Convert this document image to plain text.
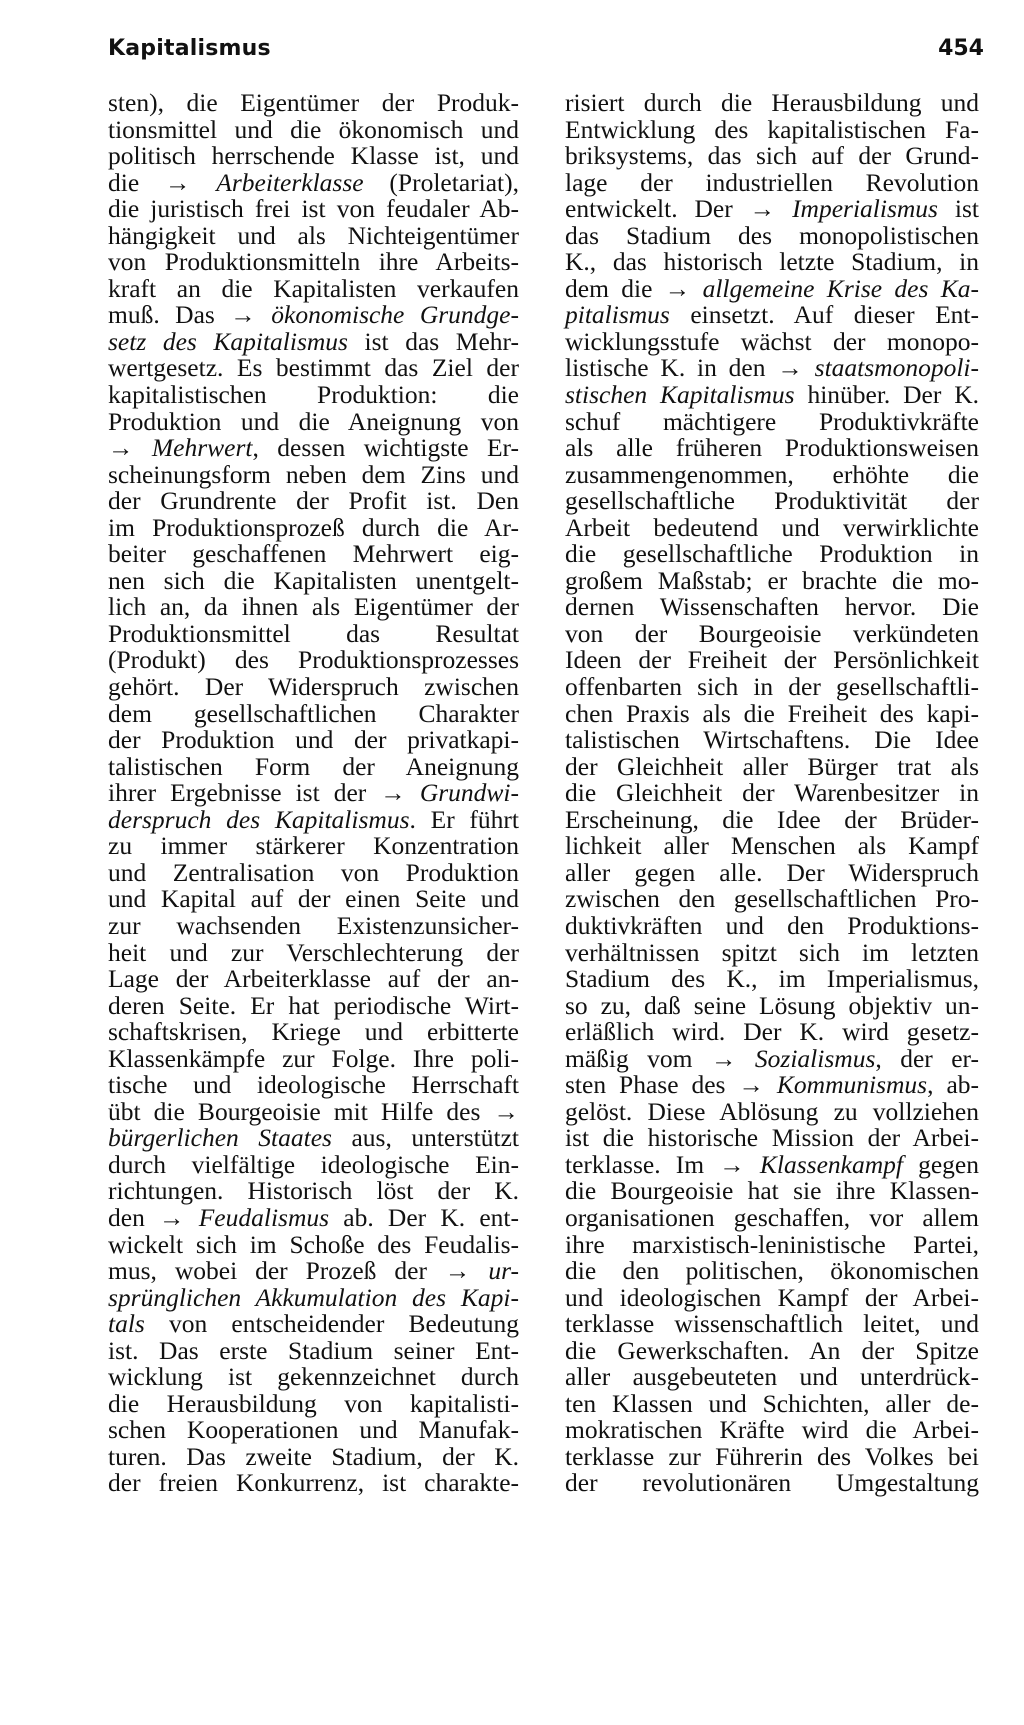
Kapitalismus	454
sten), die Eigentümer der Produk-
tionsmittel und die ökonomisch und
politisch herrschende Klasse ist, und
die → Arbeiterklasse (Proletariat),
die juristisch frei ist von feudaler Ab-
hängigkeit und als Nichteigentümer
von Produktionsmitteln ihre Arbeits-
kraft an die Kapitalisten verkaufen
muß. Das → ökonomische Grundge-
setz des Kapitalismus ist das Mehr-
wertgesetz. Es bestimmt das Ziel der
kapitalistischen Produktion: die
Produktion und die Aneignung von
→ Mehrwert, dessen wichtigste Er-
scheinungsform neben dem Zins und
der Grundrente der Profit ist. Den
im Produktionsprozeß durch die Ar-
beiter geschaffenen Mehrwert eig-
nen sich die Kapitalisten unentgelt-
lich an, da ihnen als Eigentümer der
Produktionsmittel das Resultat
(Produkt) des Produktionsprozesses
gehört. Der Widerspruch zwischen
dem gesellschaftlichen Charakter
der Produktion und der privatkapi-
talistischen Form der Aneignung
ihrer Ergebnisse ist der → Grundwi-
derspruch des Kapitalismus. Er führt
zu immer stärkerer Konzentration
und Zentralisation von Produktion
und Kapital auf der einen Seite und
zur wachsenden Existenzunsicher-
heit und zur Verschlechterung der
Lage der Arbeiterklasse auf der an-
deren Seite. Er hat periodische Wirt-
schaftskrisen, Kriege und erbitterte
Klassenkämpfe zur Folge. Ihre poli-
tische und ideologische Herrschaft
übt die Bourgeoisie mit Hilfe des →
bürgerlichen Staates aus, unterstützt
durch vielfältige ideologische Ein-
richtungen. Historisch löst der K.
den → Feudalismus ab. Der K. ent-
wickelt sich im Schoße des Feudalis-
mus, wobei der Prozeß der → ur-
sprünglichen Akkumulation des Kapi-
tals von entscheidender Bedeutung
ist. Das erste Stadium seiner Ent-
wicklung ist gekennzeichnet durch
die Herausbildung von kapitalisti-
schen Kooperationen und Manufak-
turen. Das zweite Stadium, der K.
der freien Konkurrenz, ist charakte-
risiert durch die Herausbildung und
Entwicklung des kapitalistischen Fa-
briksystems, das sich auf der Grund-
lage der industriellen Revolution
entwickelt. Der → Imperialismus ist
das Stadium des monopolistischen
K., das historisch letzte Stadium, in
dem die → allgemeine Krise des Ka-
pitalismus einsetzt. Auf dieser Ent-
wicklungsstufe wächst der monopo-
listische K. in den → staatsmonopoli-
stischen Kapitalismus hinüber. Der K.
schuf mächtigere Produktivkräfte
als alle früheren Produktionsweisen
zusammengenommen, erhöhte die
gesellschaftliche Produktivität der
Arbeit bedeutend und verwirklichte
die gesellschaftliche Produktion in
großem Maßstab; er brachte die mo-
dernen Wissenschaften hervor. Die
von der Bourgeoisie verkündeten
Ideen der Freiheit der Persönlichkeit
offenbarten sich in der gesellschaftli-
chen Praxis als die Freiheit des kapi-
talistischen Wirtschaftens. Die Idee
der Gleichheit aller Bürger trat als
die Gleichheit der Warenbesitzer in
Erscheinung, die Idee der Brüder-
lichkeit aller Menschen als Kampf
aller gegen alle. Der Widerspruch
zwischen den gesellschaftlichen Pro-
duktivkräften und den Produktions-
verhältnissen spitzt sich im letzten
Stadium des K., im Imperialismus,
so zu, daß seine Lösung objektiv un-
erläßlich wird. Der K. wird gesetz-
mäßig vom → Sozialismus, der er-
sten Phase des → Kommunismus, ab-
gelöst. Diese Ablösung zu vollziehen
ist die historische Mission der Arbei-
terklasse. Im → Klassenkampf gegen
die Bourgeoisie hat sie ihre Klassen-
organisationen geschaffen, vor allem
ihre marxistisch-leninistische Partei,
die den politischen, ökonomischen
und ideologischen Kampf der Arbei-
terklasse wissenschaftlich leitet, und
die Gewerkschaften. An der Spitze
aller ausgebeuteten und unterdrück-
ten Klassen und Schichten, aller de-
mokratischen Kräfte wird die Arbei-
terklasse zur Führerin des Volkes bei
der revolutionären Umgestaltung
